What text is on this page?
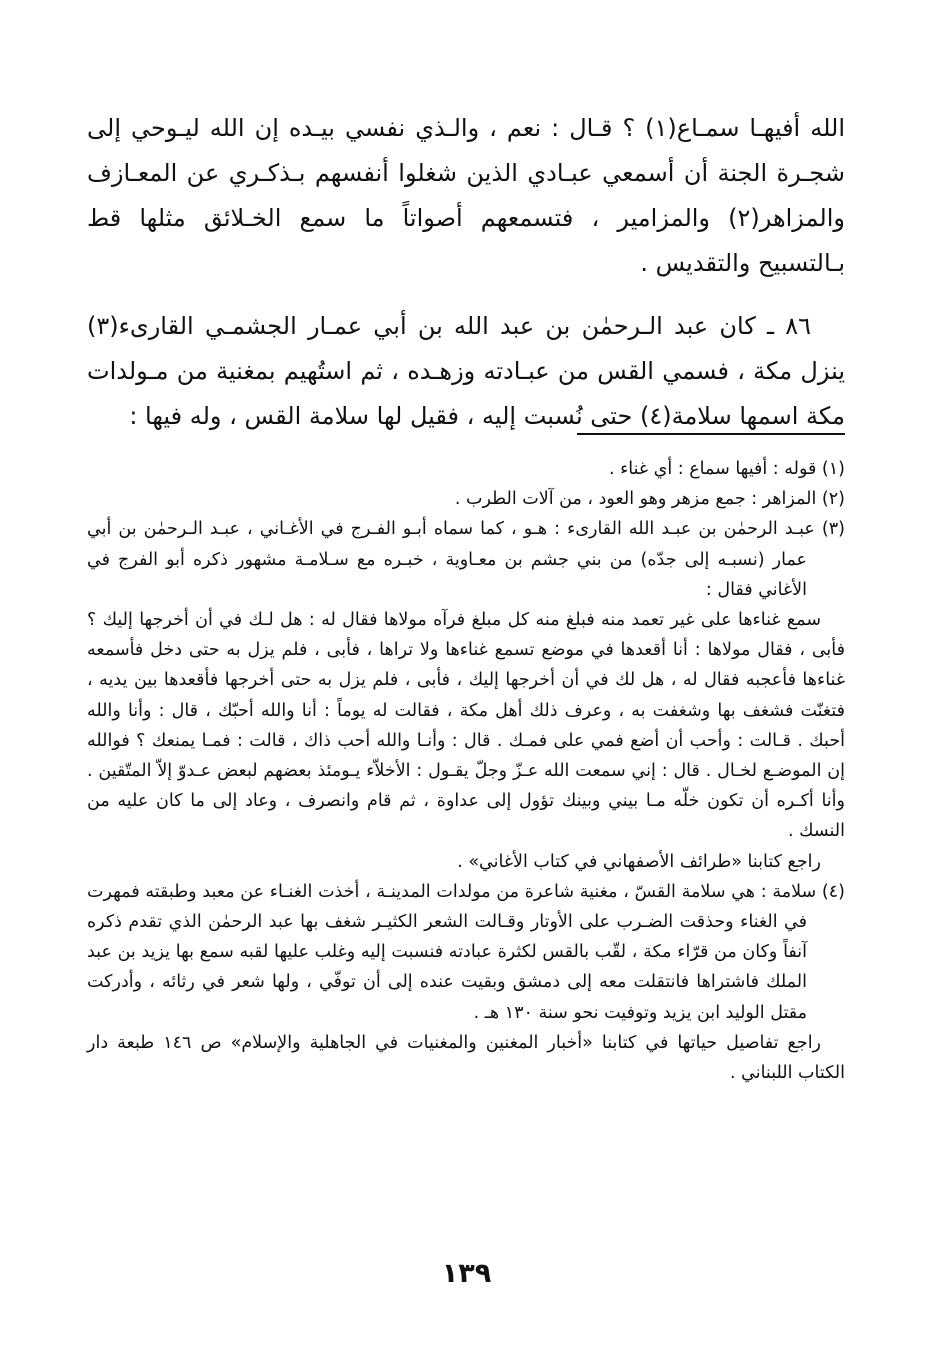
الله أفيهـا سمـاع(١) ؟ قـال : نعم ، والـذي نفسي بيـده إن الله ليـوحي إلى شجـرة الجنة أن أسمعي عبـادي الذين شغلوا أنفسهم بـذكـري عن المعـازف والمزاهر(٢) والمزامير ، فتسمعهم أصواتاً ما سمع الخـلائق مثلها قط بـالتسبيح والتقديس .

٨٦ ـ كان عبد الـرحمٰن بن عبد الله بن أبي عمـار الجشمـي القارىء(٣) ينزل مكة ، فسمي القس من عبـادته وزهـده ، ثم استُهيم بمغنية من مـولدات مكة اسمها سلامة(٤) حتى نُسبت إليه ، فقيل لها سلامة القس ، وله فيها :

(١) قوله : أفيها سماع : أي غناء .

(٢) المزاهر : جمع مزهر وهو العود ، من آلات الطرب .

(٣) عبـد الرحمٰن بن عبـد الله القارىء : هـو ، كما سماه أبـو الفـرج في الأغـاني ، عبـد الـرحمٰن بن أبي عمار (نسبـه إلى جدّه) من بني جشم بن معـاوية ، خبـره مع سـلامـة مشهور ذكره أبو الفرج في الأغاني فقال :

سمع غناءها على غير تعمد منه فبلغ منه كل مبلغ فرآه مولاها فقال له : هل لـك في أن أخرجها إليك ؟ فأبى ، فقال مولاها : أنا أقعدها في موضع تسمع غناءها ولا تراها ، فأبى ، فلم يزل به حتى دخل فأسمعه غناءها فأعجبه فقال له ، هل لك في أن أخرجها إليك ، فأبى ، فلم يزل به حتى أخرجها فأقعدها بين يديه ، فتغنّت فشغف بها وشغفت به ، وعرف ذلك أهل مكة ، فقالت له يوماً : أنا والله أحبّك ، قال : وأنا والله أحبك . قـالت : وأحب أن أضع فمي على فمـك . قال : وأنـا والله أحب ذاك ، قالت : فمـا يمنعك ؟ فوالله إن الموضـع لخـال . قال : إني سمعت الله عـزّ وجلّ يقـول : الأخلاّء يـومئذ بعضهم لبعض عـدوّ إلاّ المتّقين . وأنا أكـره أن تكون خلّه مـا بيني وبينك تؤول إلى عداوة ، ثم قام وانصرف ، وعاد إلى ما كان عليه من النسك .

راجع كتابنا «طرائف الأصفهاني في كتاب الأغاني» .

(٤) سلامة : هي سلامة القسّ ، مغنية شاعرة من مولدات المدينـة ، أخذت الغنـاء عن معبد وطبقته فمهرت في الغناء وحذقت الضـرب على الأوتار وقـالت الشعر الكثيـر شغف بها عبد الرحمٰن الذي تقدم ذكره آنفاً وكان من قرّاء مكة ، لقّب بالقس لكثرة عبادته فنسبت إليه وغلب عليها لقبه سمع بها يزيد بن عبد الملك فاشتراها فانتقلت معه إلى دمشق وبقيت عنده إلى أن توفّي ، ولها شعر في رثائه ، وأدركت مقتل الوليد ابن يزيد وتوفيت نحو سنة ١٣٠ هـ .

راجع تفاصيل حياتها في كتابنا «أخبار المغنين والمغنيات في الجاهلية والإسلام» ص ١٤٦ طبعة دار الكتاب اللبناني .

١٣٩
